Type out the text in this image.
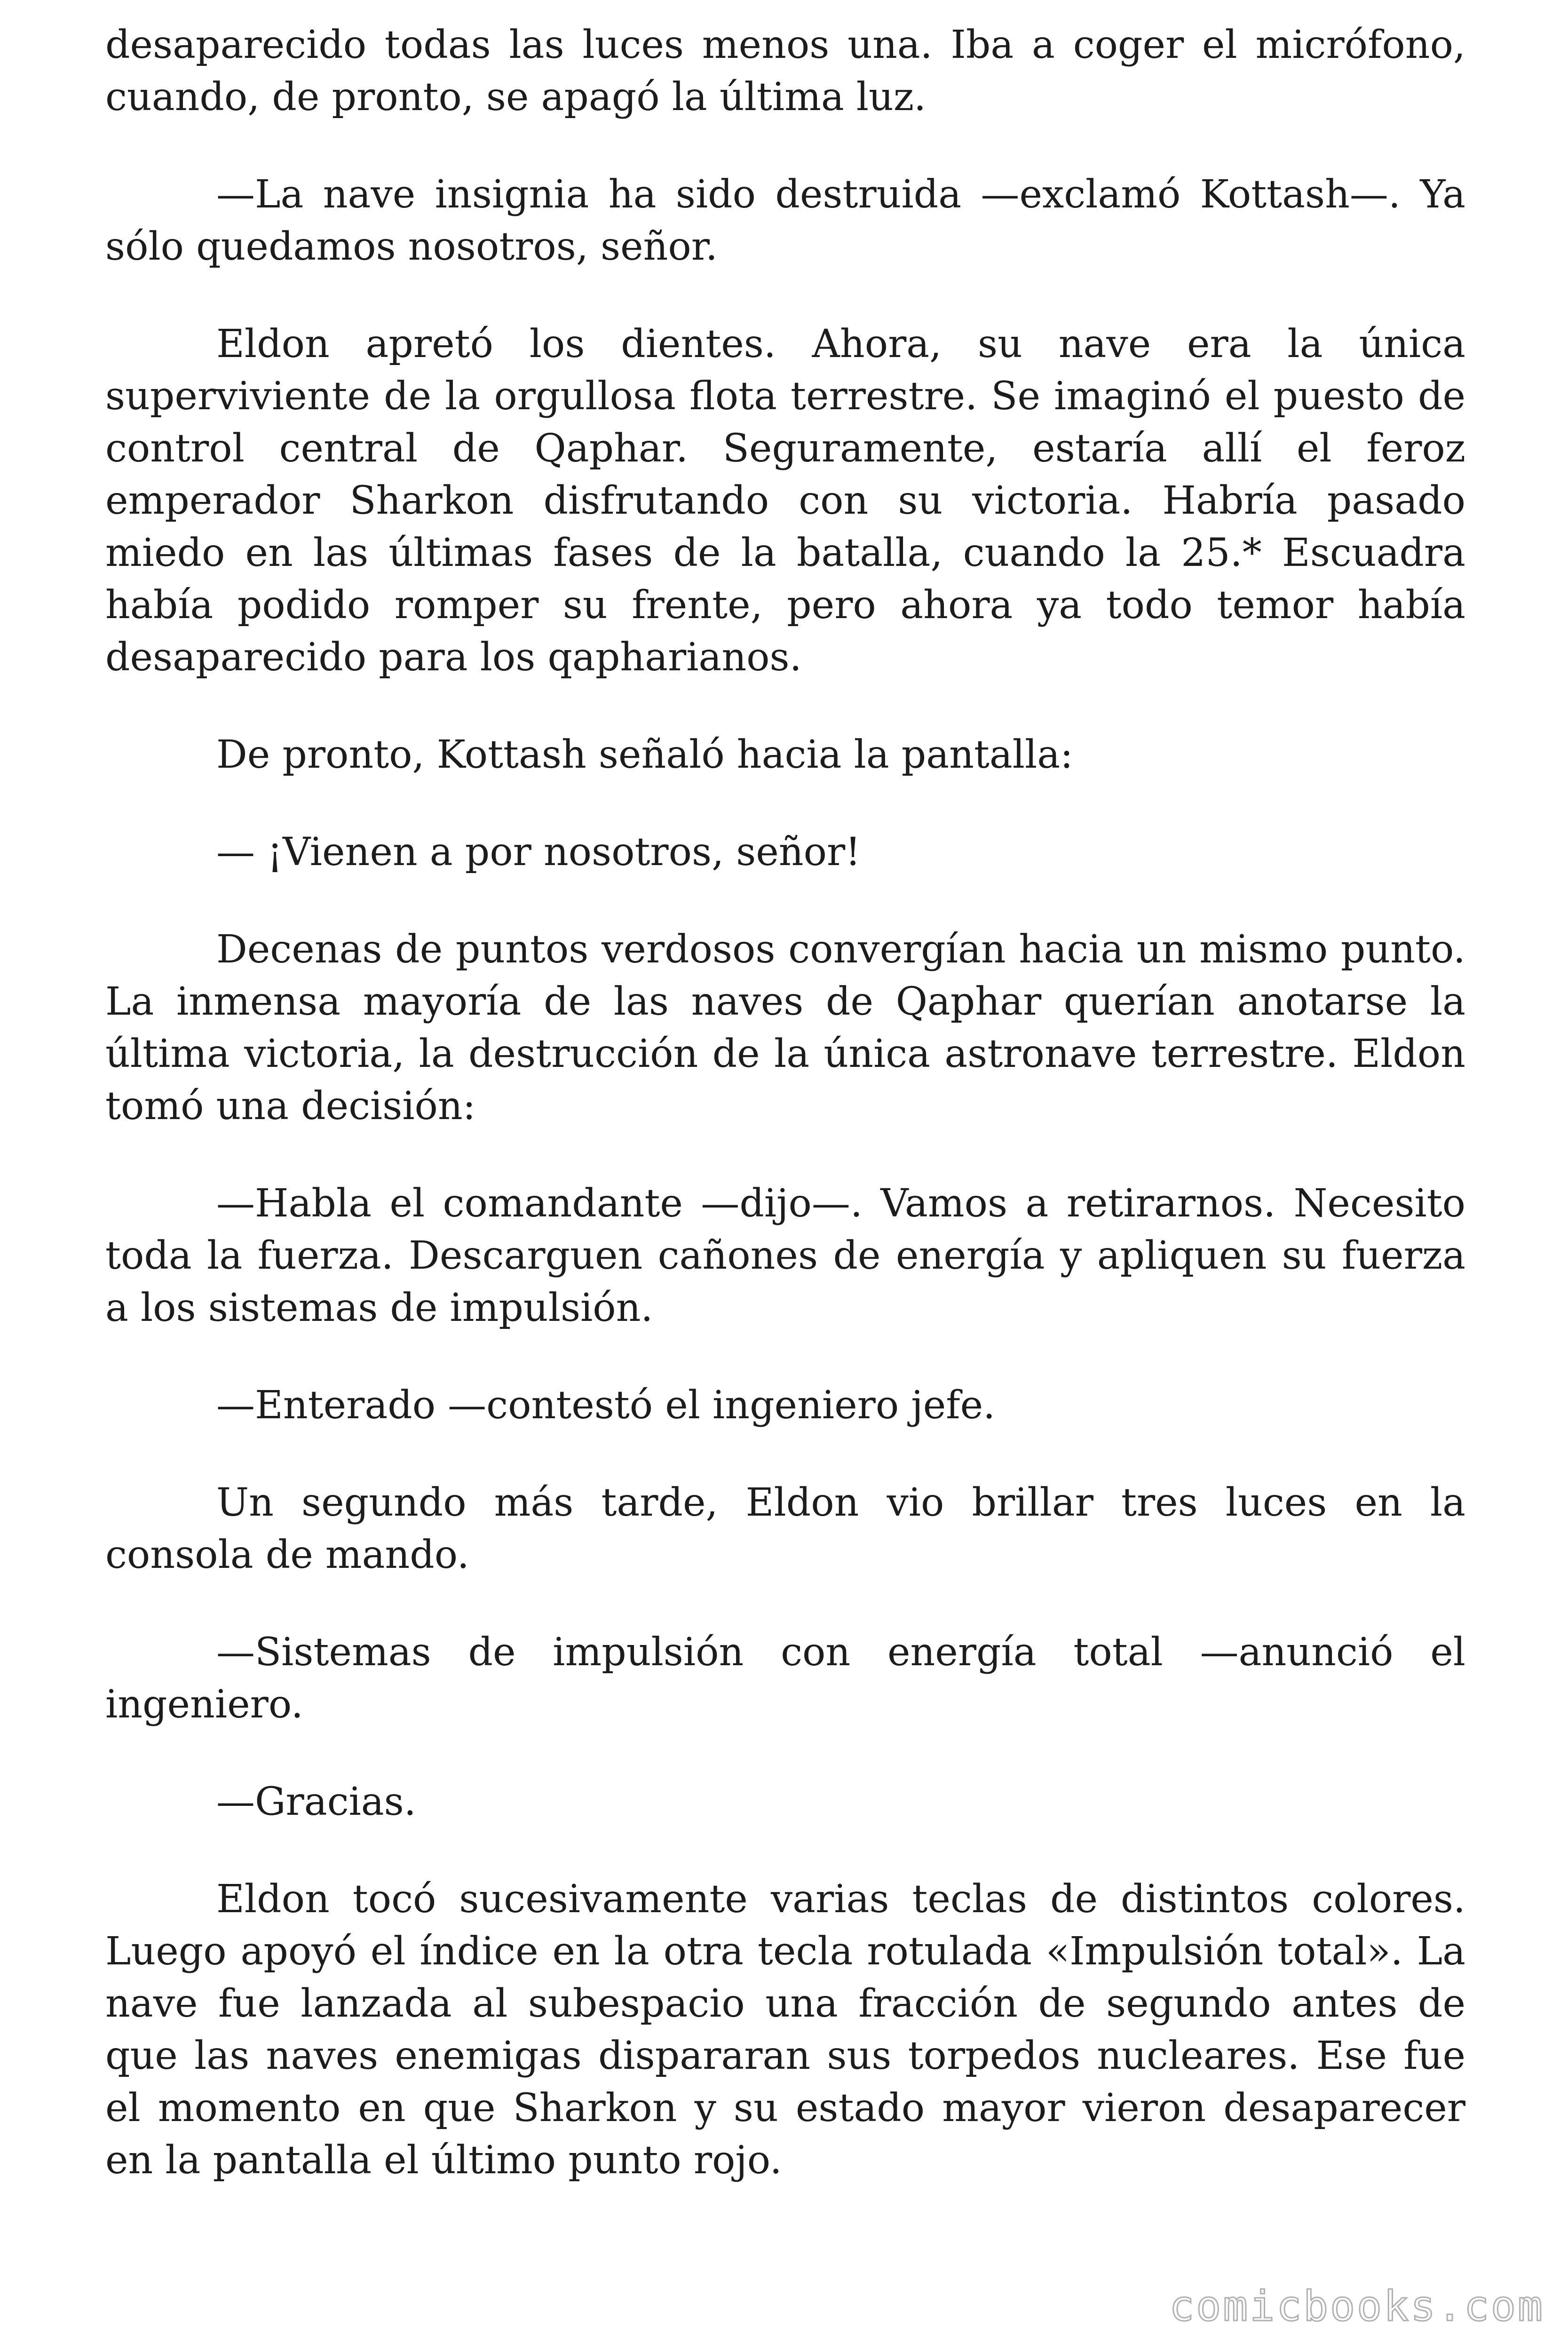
desaparecido todas las luces menos una. Iba a coger el micrófono, cuando, de pronto, se apagó la última luz.

—La nave insignia ha sido destruida —exclamó Kottash—. Ya sólo quedamos nosotros, señor.

Eldon apretó los dientes. Ahora, su nave era la única superviviente de la orgullosa flota terrestre. Se imaginó el puesto de control central de Qaphar. Seguramente, estaría allí el feroz emperador Sharkon disfrutando con su victoria. Habría pasado miedo en las últimas fases de la batalla, cuando la 25.* Escuadra había podido romper su frente, pero ahora ya todo temor había desaparecido para los qapharianos.

De pronto, Kottash señaló hacia la pantalla:

— ¡Vienen a por nosotros, señor!

Decenas de puntos verdosos convergían hacia un mismo punto. La inmensa mayoría de las naves de Qaphar querían anotarse la última victoria, la destrucción de la única astronave terrestre. Eldon tomó una decisión:

—Habla el comandante —dijo—. Vamos a retirarnos. Necesito toda la fuerza. Descarguen cañones de energía y apliquen su fuerza a los sistemas de impulsión.

—Enterado —contestó el ingeniero jefe.

Un segundo más tarde, Eldon vio brillar tres luces en la consola de mando.

—Sistemas de impulsión con energía total —anunció el ingeniero.

—Gracias.

Eldon tocó sucesivamente varias teclas de distintos colores. Luego apoyó el índice en la otra tecla rotulada «Impulsión total». La nave fue lanzada al subespacio una fracción de segundo antes de que las naves enemigas dispararan sus torpedos nucleares. Ese fue el momento en que Sharkon y su estado mayor vieron desaparecer en la pantalla el último punto rojo.

comicbooks.com
